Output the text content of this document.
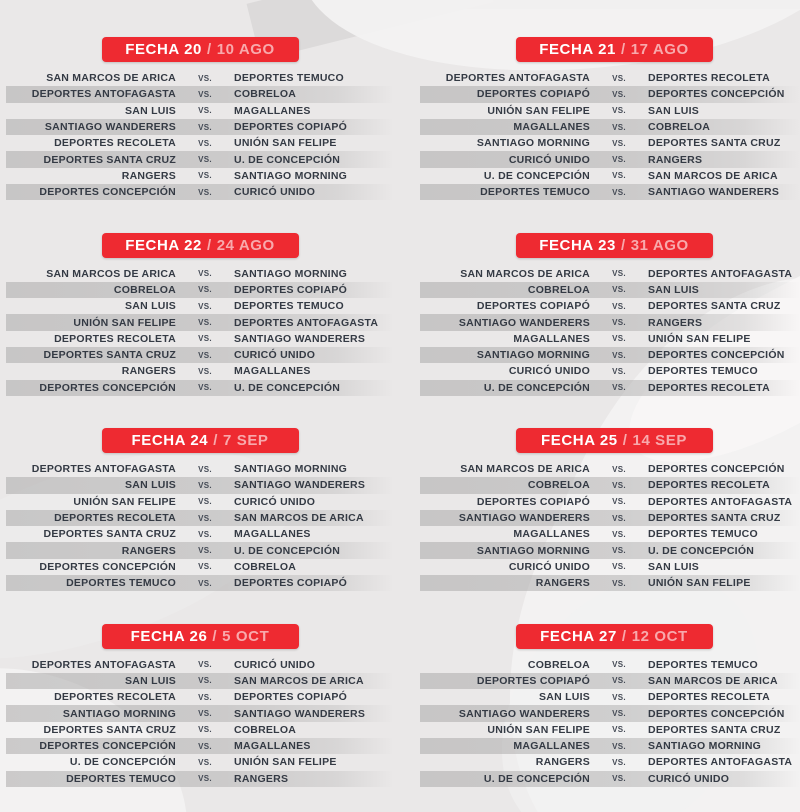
FECHA 20 / 10 AGO
SAN MARCOS DE ARICA	VS.	DEPORTES TEMUCO
DEPORTES ANTOFAGASTA	VS.	COBRELOA
SAN LUIS	VS.	MAGALLANES
SANTIAGO WANDERERS	VS.	DEPORTES COPIAPÓ
DEPORTES RECOLETA	VS.	UNIÓN SAN FELIPE
DEPORTES SANTA CRUZ	VS.	U. DE CONCEPCIÓN
RANGERS	VS.	SANTIAGO MORNING
DEPORTES CONCEPCIÓN	VS.	CURICÓ UNIDO
FECHA 21 / 17 AGO
DEPORTES ANTOFAGASTA	VS.	DEPORTES RECOLETA
DEPORTES COPIAPÓ	VS.	DEPORTES CONCEPCIÓN
UNIÓN SAN FELIPE	VS.	SAN LUIS
MAGALLANES	VS.	COBRELOA
SANTIAGO MORNING	VS.	DEPORTES SANTA CRUZ
CURICÓ UNIDO	VS.	RANGERS
U. DE CONCEPCIÓN	VS.	SAN MARCOS DE ARICA
DEPORTES TEMUCO	VS.	SANTIAGO WANDERERS
FECHA 22 / 24 AGO
SAN MARCOS DE ARICA	VS.	SANTIAGO MORNING
COBRELOA	VS.	DEPORTES COPIAPÓ
SAN LUIS	VS.	DEPORTES TEMUCO
UNIÓN SAN FELIPE	VS.	DEPORTES ANTOFAGASTA
DEPORTES RECOLETA	VS.	SANTIAGO WANDERERS
DEPORTES SANTA CRUZ	VS.	CURICÓ UNIDO
RANGERS	VS.	MAGALLANES
DEPORTES CONCEPCIÓN	VS.	U. DE CONCEPCIÓN
FECHA 23 / 31 AGO
SAN MARCOS DE ARICA	VS.	DEPORTES ANTOFAGASTA
COBRELOA	VS.	SAN LUIS
DEPORTES COPIAPÓ	VS.	DEPORTES SANTA CRUZ
SANTIAGO WANDERERS	VS.	RANGERS
MAGALLANES	VS.	UNIÓN SAN FELIPE
SANTIAGO MORNING	VS.	DEPORTES CONCEPCIÓN
CURICÓ UNIDO	VS.	DEPORTES TEMUCO
U. DE CONCEPCIÓN	VS.	DEPORTES RECOLETA
FECHA 24 / 7 SEP
DEPORTES ANTOFAGASTA	VS.	SANTIAGO MORNING
SAN LUIS	VS.	SANTIAGO WANDERERS
UNIÓN SAN FELIPE	VS.	CURICÓ UNIDO
DEPORTES RECOLETA	VS.	SAN MARCOS DE ARICA
DEPORTES SANTA CRUZ	VS.	MAGALLANES
RANGERS	VS.	U. DE CONCEPCIÓN
DEPORTES CONCEPCIÓN	VS.	COBRELOA
DEPORTES TEMUCO	VS.	DEPORTES COPIAPÓ
FECHA 25 / 14 SEP
SAN MARCOS DE ARICA	VS.	DEPORTES CONCEPCIÓN
COBRELOA	VS.	DEPORTES RECOLETA
DEPORTES COPIAPÓ	VS.	DEPORTES ANTOFAGASTA
SANTIAGO WANDERERS	VS.	DEPORTES SANTA CRUZ
MAGALLANES	VS.	DEPORTES TEMUCO
SANTIAGO MORNING	VS.	U. DE CONCEPCIÓN
CURICÓ UNIDO	VS.	SAN LUIS
RANGERS	VS.	UNIÓN SAN FELIPE
FECHA 26 / 5 OCT
DEPORTES ANTOFAGASTA	VS.	CURICÓ UNIDO
SAN LUIS	VS.	SAN MARCOS DE ARICA
DEPORTES RECOLETA	VS.	DEPORTES COPIAPÓ
SANTIAGO MORNING	VS.	SANTIAGO WANDERERS
DEPORTES SANTA CRUZ	VS.	COBRELOA
DEPORTES CONCEPCIÓN	VS.	MAGALLANES
U. DE CONCEPCIÓN	VS.	UNIÓN SAN FELIPE
DEPORTES TEMUCO	VS.	RANGERS
FECHA 27 / 12 OCT
COBRELOA	VS.	DEPORTES TEMUCO
DEPORTES COPIAPÓ	VS.	SAN MARCOS DE ARICA
SAN LUIS	VS.	DEPORTES RECOLETA
SANTIAGO WANDERERS	VS.	DEPORTES CONCEPCIÓN
UNIÓN SAN FELIPE	VS.	DEPORTES SANTA CRUZ
MAGALLANES	VS.	SANTIAGO MORNING
RANGERS	VS.	DEPORTES ANTOFAGASTA
U. DE CONCEPCIÓN	VS.	CURICÓ UNIDO
